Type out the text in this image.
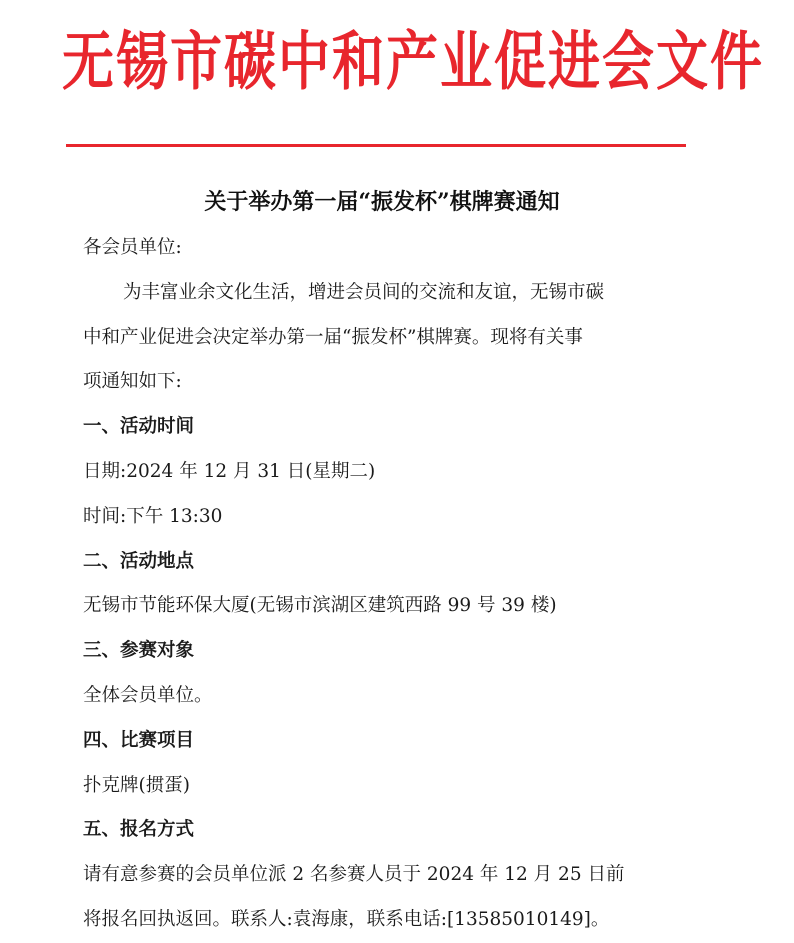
无锡市碳中和产业促进会文件
关于举办第一届“振发杯”棋牌赛通知
各会员单位:
为丰富业余文化生活，增进会员间的交流和友谊，无锡市碳
中和产业促进会决定举办第一届“振发杯”棋牌赛。现将有关事
项通知如下:
一、活动时间
日期:2024 年 12 月 31 日(星期二)
时间:下午 13:30
二、活动地点
无锡市节能环保大厦(无锡市滨湖区建筑西路 99 号 39 楼)
三、参赛对象
全体会员单位。
四、比赛项目
扑克牌(掼蛋)
五、报名方式
请有意参赛的会员单位派 2 名参赛人员于 2024 年 12 月 25 日前
将报名回执返回。联系人:袁海康，联系电话:[13585010149]。
